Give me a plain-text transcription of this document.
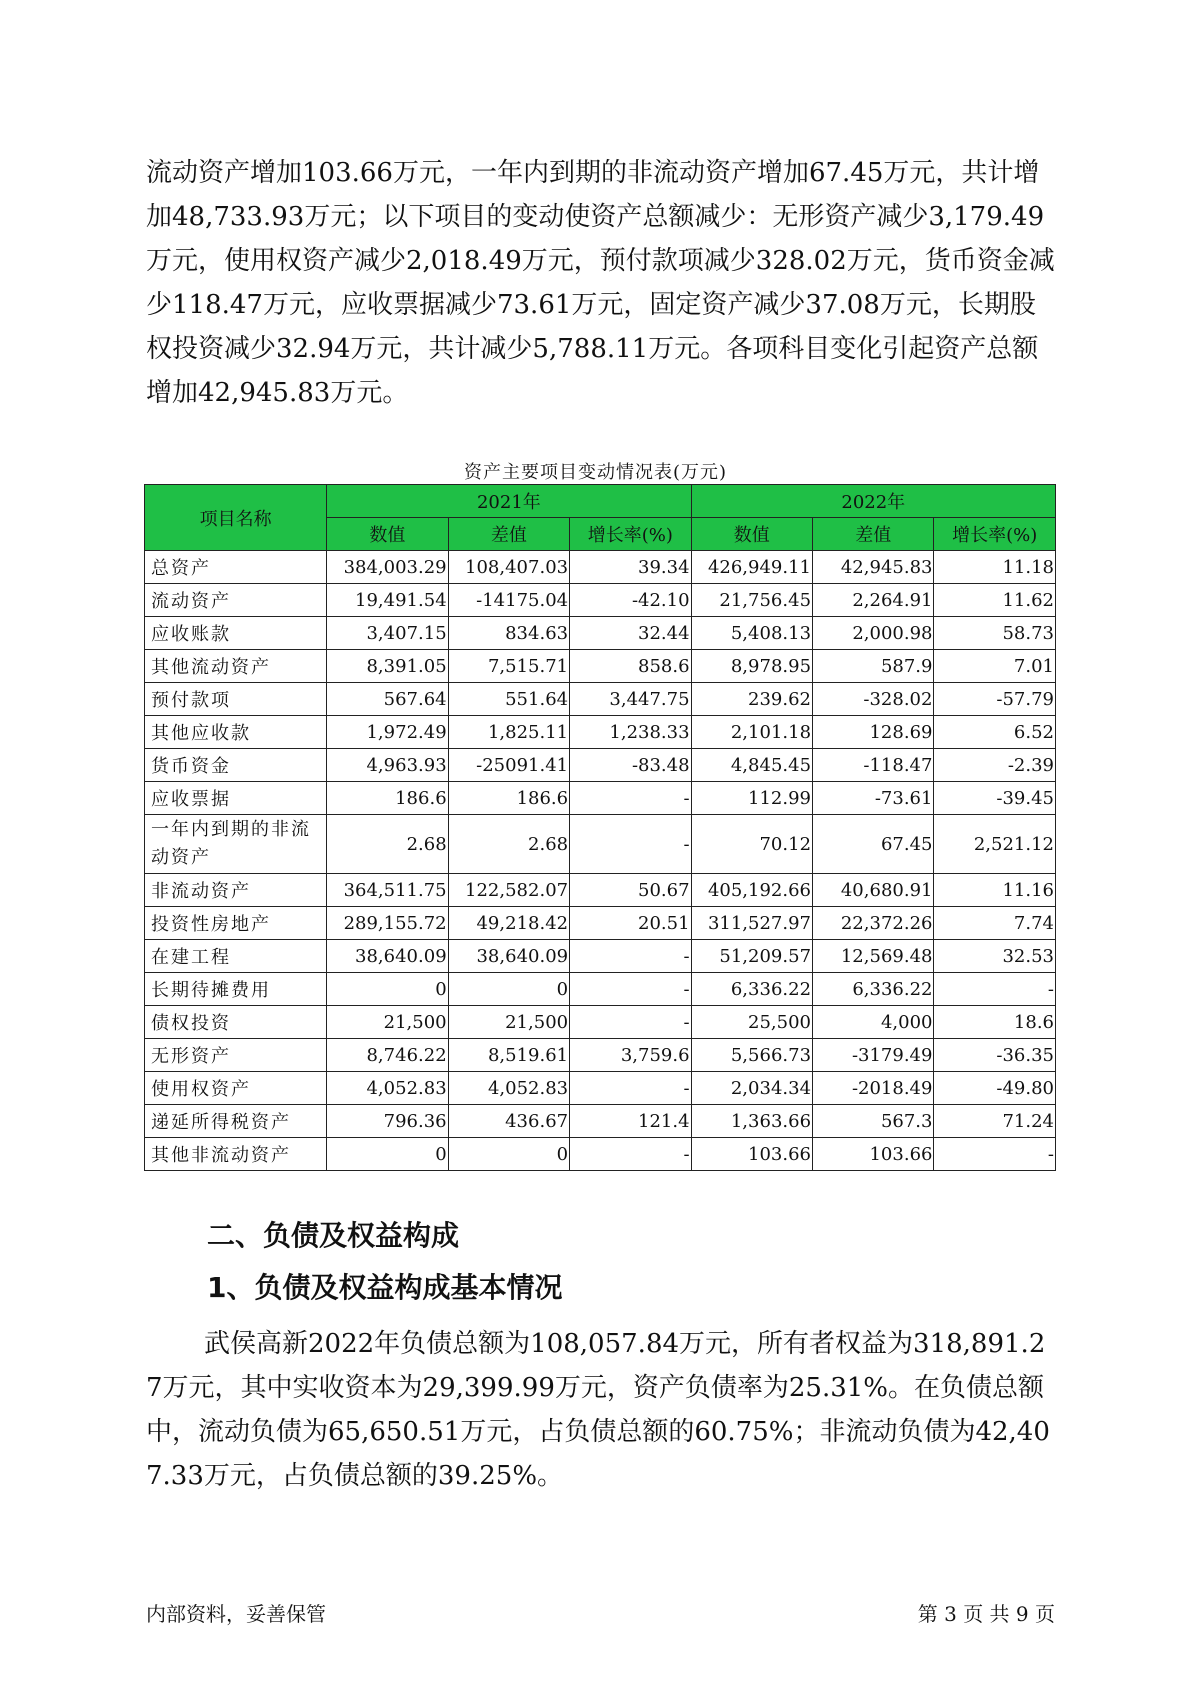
流动资产增加103.66万元，一年内到期的非流动资产增加67.45万元，共计增加48,733.93万元；以下项目的变动使资产总额减少：无形资产减少3,179.49万元，使用权资产减少2,018.49万元，预付款项减少328.02万元，货币资金减少118.47万元，应收票据减少73.61万元，固定资产减少37.08万元，长期股权投资减少32.94万元，共计减少5,788.11万元。各项科目变化引起资产总额增加42,945.83万元。

资产主要项目变动情况表(万元)
项目名称	2021年			2022年		
	数值	差值	增长率(%)	数值	差值	增长率(%)
总资产	384,003.29	108,407.03	39.34	426,949.11	42,945.83	11.18
流动资产	19,491.54	-14175.04	-42.10	21,756.45	2,264.91	11.62
应收账款	3,407.15	834.63	32.44	5,408.13	2,000.98	58.73
其他流动资产	8,391.05	7,515.71	858.6	8,978.95	587.9	7.01
预付款项	567.64	551.64	3,447.75	239.62	-328.02	-57.79
其他应收款	1,972.49	1,825.11	1,238.33	2,101.18	128.69	6.52
货币资金	4,963.93	-25091.41	-83.48	4,845.45	-118.47	-2.39
应收票据	186.6	186.6	-	112.99	-73.61	-39.45
一年内到期的非流动资产	2.68	2.68	-	70.12	67.45	2,521.12
非流动资产	364,511.75	122,582.07	50.67	405,192.66	40,680.91	11.16
投资性房地产	289,155.72	49,218.42	20.51	311,527.97	22,372.26	7.74
在建工程	38,640.09	38,640.09	-	51,209.57	12,569.48	32.53
长期待摊费用	0	0	-	6,336.22	6,336.22	-
债权投资	21,500	21,500	-	25,500	4,000	18.6
无形资产	8,746.22	8,519.61	3,759.6	5,566.73	-3179.49	-36.35
使用权资产	4,052.83	4,052.83	-	2,034.34	-2018.49	-49.80
递延所得税资产	796.36	436.67	121.4	1,363.66	567.3	71.24
其他非流动资产	0	0	-	103.66	103.66	-
二、负债及权益构成
1、负债及权益构成基本情况

武侯高新2022年负债总额为108,057.84万元，所有者权益为318,891.27万元，其中实收资本为29,399.99万元，资产负债率为25.31%。在负债总额中，流动负债为65,650.51万元，占负债总额的60.75%；非流动负债为42,407.33万元，占负债总额的39.25%。

内部资料，妥善保管	第 3 页 共 9 页
